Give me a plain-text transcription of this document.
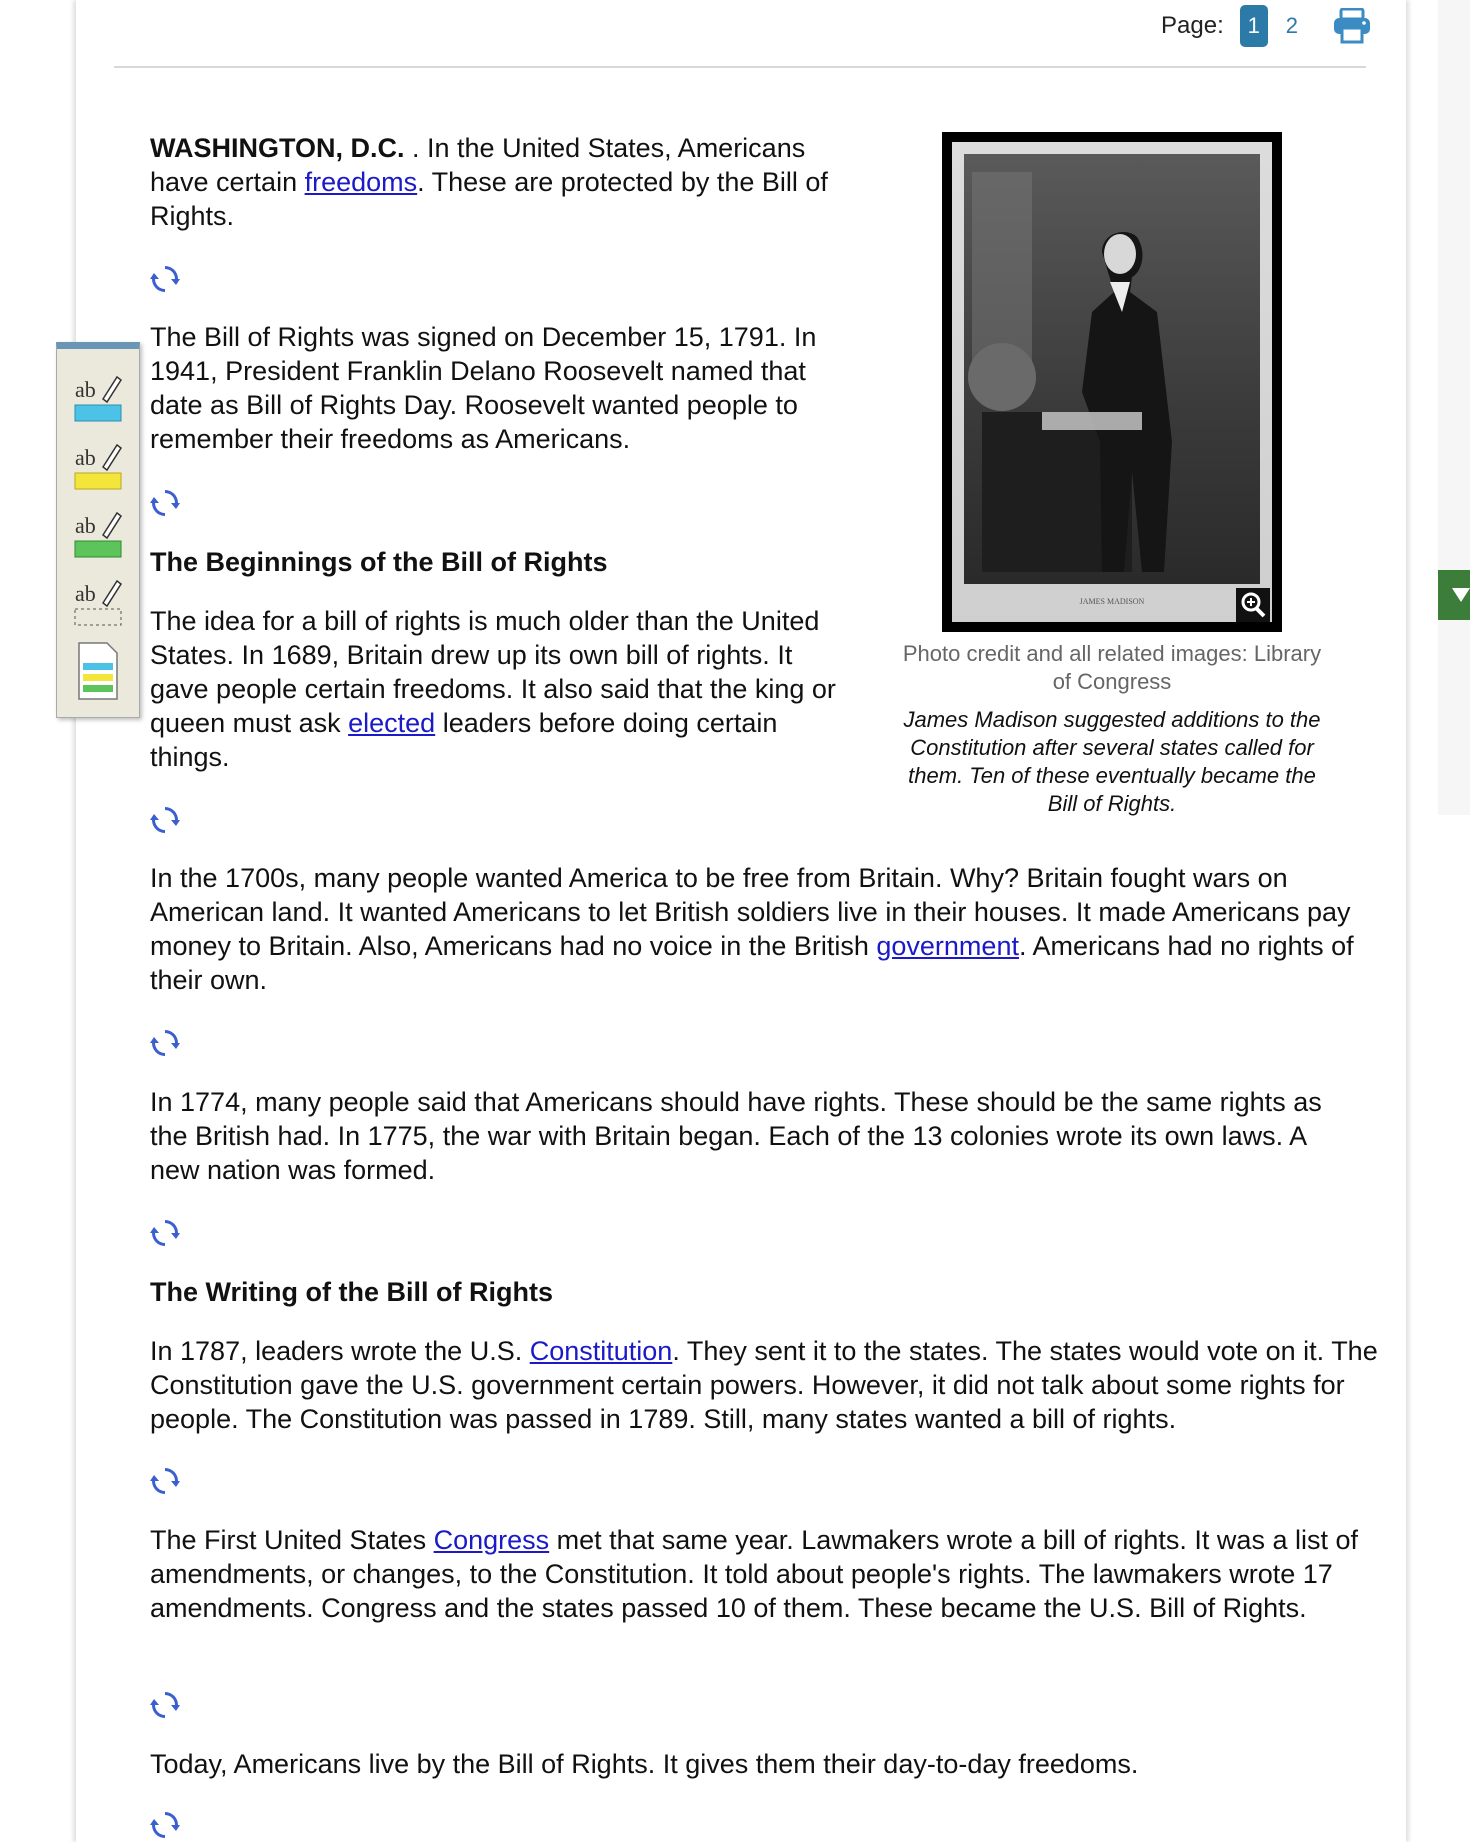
Page:	1	2
ab
ab
ab
ab	JAMES MADISON

Photo credit and all related images: Library of Congress

James Madison suggested additions to the Constitution after several states called for them. Ten of these eventually became the Bill of Rights.

WASHINGTON, D.C. . In the United States, Americans have certain freedoms. These are protected by the Bill of Rights.

The Bill of Rights was signed on December 15, 1791. In 1941, President Franklin Delano Roosevelt named that date as Bill of Rights Day. Roosevelt wanted people to remember their freedoms as Americans.

The Beginnings of the Bill of Rights

The idea for a bill of rights is much older than the United States. In 1689, Britain drew up its own bill of rights. It gave people certain freedoms. It also said that the king or queen must ask elected leaders before doing certain things.

In the 1700s, many people wanted America to be free from Britain. Why? Britain fought wars on American land. It wanted Americans to let British soldiers live in their houses. It made Americans pay money to Britain. Also, Americans had no voice in the British government. Americans had no rights of their own.

In 1774, many people said that Americans should have rights. These should be the same rights as the British had. In 1775, the war with Britain began. Each of the 13 colonies wrote its own laws. A new nation was formed.

The Writing of the Bill of Rights

In 1787, leaders wrote the U.S. Constitution. They sent it to the states. The states would vote on it. The Constitution gave the U.S. government certain powers. However, it did not talk about some rights for people. The Constitution was passed in 1789. Still, many states wanted a bill of rights.

The First United States Congress met that same year. Lawmakers wrote a bill of rights. It was a list of amendments, or changes, to the Constitution. It told about people's rights. The lawmakers wrote 17 amendments. Congress and the states passed 10 of them. These became the U.S. Bill of Rights.

Today, Americans live by the Bill of Rights. It gives them their day-to-day freedoms.
